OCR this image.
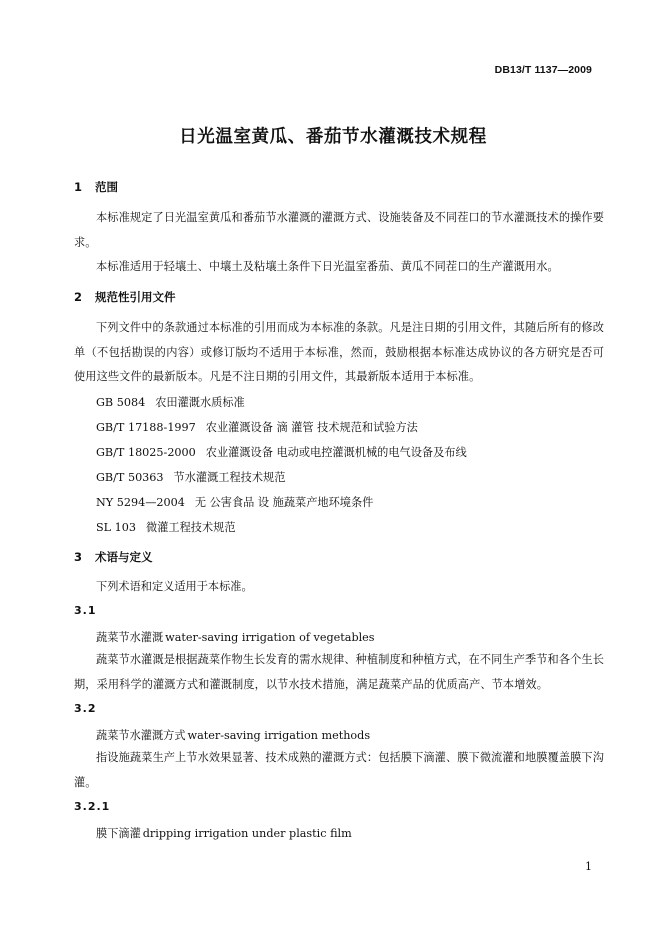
DB13/T 1137—2009
日光温室黄瓜、番茄节水灌溉技术规程
1 范围
本标准规定了日光温室黄瓜和番茄节水灌溉的灌溉方式、设施装备及不同茬口的节水灌溉技术的操作要求。
本标准适用于轻壤土、中壤土及粘壤土条件下日光温室番茄、黄瓜不同茬口的生产灌溉用水。
2 规范性引用文件
下列文件中的条款通过本标准的引用而成为本标准的条款。凡是注日期的引用文件，其随后所有的修改单（不包括勘误的内容）或修订版均不适用于本标准，然而，鼓励根据本标准达成协议的各方研究是否可使用这些文件的最新版本。凡是不注日期的引用文件，其最新版本适用于本标准。
GB 5084 农田灌溉水质标准
GB/T 17188-1997 农业灌溉设备 滴 灌管 技术规范和试验方法
GB/T 18025-2000 农业灌溉设备 电动或电控灌溉机械的电气设备及布线
GB/T 50363 节水灌溉工程技术规范
NY 5294—2004 无 公害食品 设 施蔬菜产地环境条件
SL 103 微灌工程技术规范
3 术语与定义
下列术语和定义适用于本标准。
3.1
蔬菜节水灌溉 water-saving irrigation of vegetables
蔬菜节水灌溉是根据蔬菜作物生长发育的需水规律、种植制度和种植方式，在不同生产季节和各个生长期，采用科学的灌溉方式和灌溉制度，以节水技术措施，满足蔬菜产品的优质高产、节本增效。
3.2
蔬菜节水灌溉方式 water-saving irrigation methods
指设施蔬菜生产上节水效果显著、技术成熟的灌溉方式：包括膜下滴灌、膜下微流灌和地膜覆盖膜下沟灌。
3.2.1
膜下滴灌 dripping irrigation under plastic film
1
